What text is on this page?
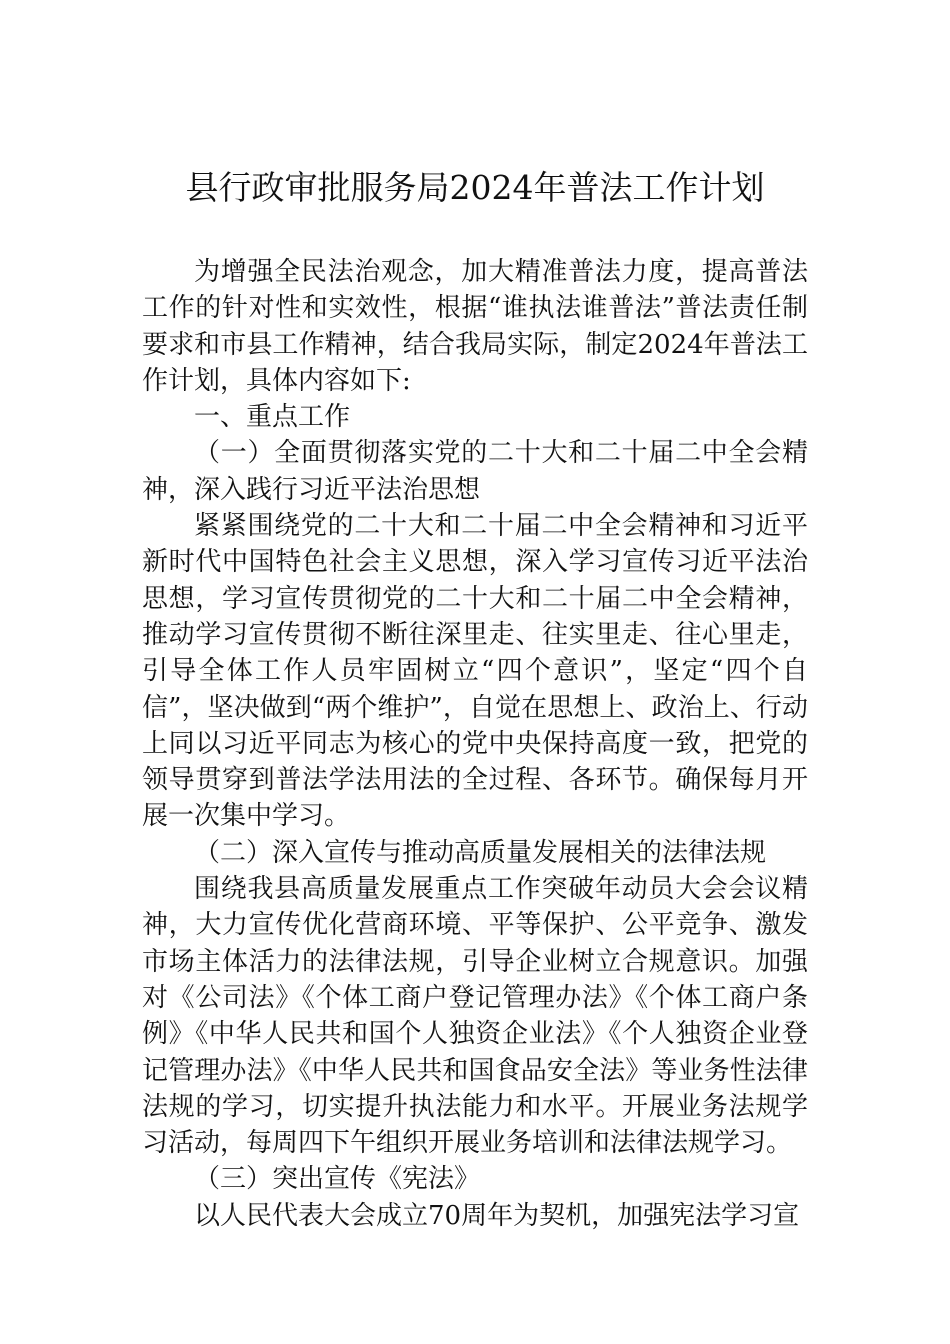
县行政审批服务局2024年普法工作计划

为增强全民法治观念，加大精准普法力度，提高普法工作的针对性和实效性，根据“谁执法谁普法”普法责任制要求和市县工作精神，结合我局实际，制定2024年普法工作计划，具体内容如下:

一、重点工作

（一）全面贯彻落实党的二十大和二十届二中全会精神，深入践行习近平法治思想

紧紧围绕党的二十大和二十届二中全会精神和习近平新时代中国特色社会主义思想，深入学习宣传习近平法治思想，学习宣传贯彻党的二十大和二十届二中全会精神，推动学习宣传贯彻不断往深里走、往实里走、往心里走，引导全体工作人员牢固树立“四个意识”，坚定“四个自信”，坚决做到“两个维护”，自觉在思想上、政治上、行动上同以习近平同志为核心的党中央保持高度一致，把党的领导贯穿到普法学法用法的全过程、各环节。确保每月开展一次集中学习。

（二）深入宣传与推动高质量发展相关的法律法规

围绕我县高质量发展重点工作突破年动员大会会议精神，大力宣传优化营商环境、平等保护、公平竞争、激发市场主体活力的法律法规，引导企业树立合规意识。加强对《公司法》《个体工商户登记管理办法》《个体工商户条例》《中华人民共和国个人独资企业法》《个人独资企业登记管理办法》《中华人民共和国食品安全法》等业务性法律法规的学习，切实提升执法能力和水平。开展业务法规学习活动，每周四下午组织开展业务培训和法律法规学习。

（三）突出宣传《宪法》

以人民代表大会成立70周年为契机，加强宪法学习宣
